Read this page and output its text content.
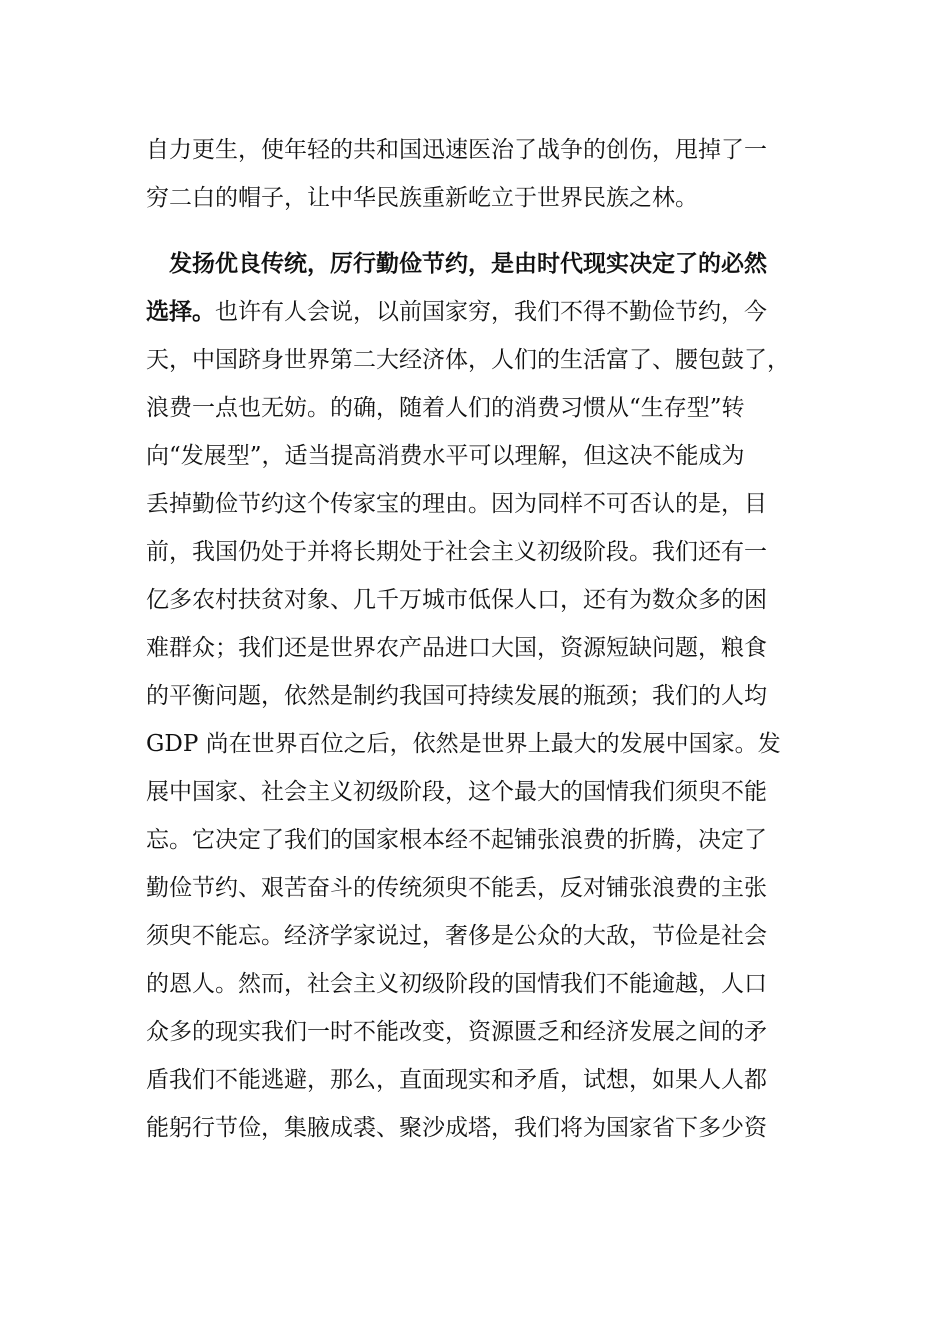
自力更生，使年轻的共和国迅速医治了战争的创伤，甩掉了一
穷二白的帽子，让中华民族重新屹立于世界民族之林。
　发扬优良传统，厉行勤俭节约，是由时代现实决定了的必然
选择。也许有人会说，以前国家穷，我们不得不勤俭节约，今
天，中国跻身世界第二大经济体，人们的生活富了、腰包鼓了，
浪费一点也无妨。的确，随着人们的消费习惯从“生存型”转
向“发展型”，适当提高消费水平可以理解，但这决不能成为
丢掉勤俭节约这个传家宝的理由。因为同样不可否认的是，目
前，我国仍处于并将长期处于社会主义初级阶段。我们还有一
亿多农村扶贫对象、几千万城市低保人口，还有为数众多的困
难群众；我们还是世界农产品进口大国，资源短缺问题，粮食
的平衡问题，依然是制约我国可持续发展的瓶颈；我们的人均
GDP 尚在世界百位之后，依然是世界上最大的发展中国家。发
展中国家、社会主义初级阶段，这个最大的国情我们须臾不能
忘。它决定了我们的国家根本经不起铺张浪费的折腾，决定了
勤俭节约、艰苦奋斗的传统须臾不能丢，反对铺张浪费的主张
须臾不能忘。经济学家说过，奢侈是公众的大敌，节俭是社会
的恩人。然而，社会主义初级阶段的国情我们不能逾越，人口
众多的现实我们一时不能改变，资源匮乏和经济发展之间的矛
盾我们不能逃避，那么，直面现实和矛盾，试想，如果人人都
能躬行节俭，集腋成裘、聚沙成塔，我们将为国家省下多少资
